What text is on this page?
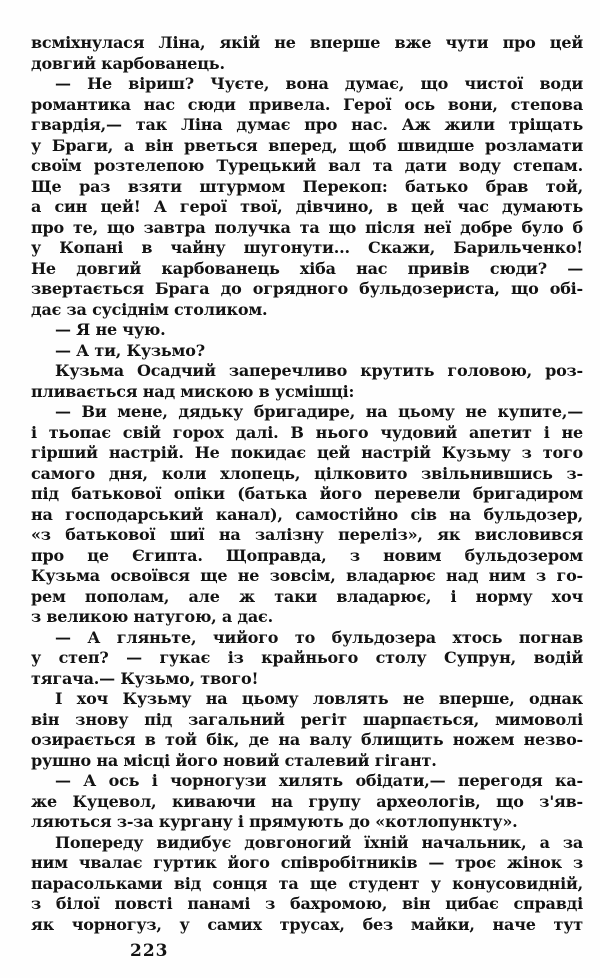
всміхнулася Ліна, якій не вперше вже чути про цей
довгий карбованець.
— Не віриш? Чуєте, вона думає, що чистої води
романтика нас сюди привела. Герої ось вони, степова
гвардія,— так Ліна думає про нас. Аж жили тріщать
у Браги, а він рветься вперед, щоб швидше розламати
своїм розтелепою Турецький вал та дати воду степам.
Ще раз взяти штурмом Перекоп: батько брав той,
а син цей! А герої твої, дівчино, в цей час думають
про те, що завтра получка та що після неї добре було б
у Копані в чайну шугонути... Скажи, Барильченко!
Не довгий карбованець хіба нас привів сюди? —
звертається Брага до огрядного бульдозериста, що обі-
дає за сусіднім столиком.
— Я не чую.
— А ти, Кузьмо?
Кузьма Осадчий заперечливо крутить головою, роз-
пливається над мискою в усмішці:
— Ви мене, дядьку бригадире, на цьому не купите,—
і тьопає свій горох далі. В нього чудовий апетит і не
гірший настрій. Не покидає цей настрій Кузьму з того
самого дня, коли хлопець, цілковито звільнившись з-
під батькової опіки (батька його перевели бригадиром
на господарський канал), самостійно сів на бульдозер,
«з батькової шиї на залізну переліз», як висловився
про це Єгипта. Щоправда, з новим бульдозером
Кузьма освоївся ще не зовсім, владарює над ним з го-
рем пополам, але ж таки владарює, і норму хоч
з великою натугою, а дає.
— А гляньте, чийого то бульдозера хтось погнав
у степ? — гукає із крайнього столу Супрун, водій
тягача.— Кузьмо, твого!
І хоч Кузьму на цьому ловлять не вперше, однак
він знову під загальний регіт шарпається, мимоволі
озирається в той бік, де на валу блищить ножем незво-
рушно на місці його новий сталевий гігант.
— А ось і чорногузи хилять обідати,— перегодя ка-
же Куцевол, киваючи на групу археологів, що з'яв-
ляються з-за кургану і прямують до «котлопункту».
Попереду видибує довгоногий їхній начальник, а за
ним чвалає гуртик його співробітників — троє жінок з
парасольками від сонця та ще студент у конусовидній,
з білої повсті панамі з бахромою, він цибає справді
як чорногуз, у самих трусах, без майки, наче тут
223
